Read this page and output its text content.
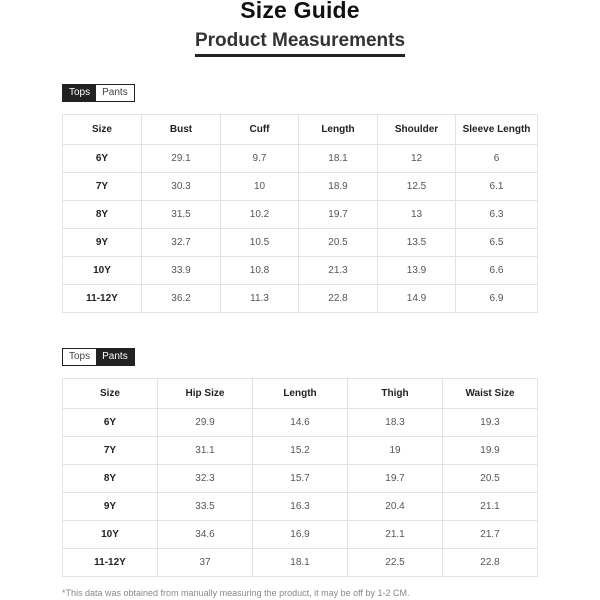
Size Guide
Product Measurements
Tops	Pants
Size	Bust	Cuff	Length	Shoulder	Sleeve Length
6Y	29.1	9.7	18.1	12	6
7Y	30.3	10	18.9	12.5	6.1
8Y	31.5	10.2	19.7	13	6.3
9Y	32.7	10.5	20.5	13.5	6.5
10Y	33.9	10.8	21.3	13.9	6.6
11-12Y	36.2	11.3	22.8	14.9	6.9
Tops	Pants
Size	Hip Size	Length	Thigh	Waist Size
6Y	29.9	14.6	18.3	19.3
7Y	31.1	15.2	19	19.9
8Y	32.3	15.7	19.7	20.5
9Y	33.5	16.3	20.4	21.1
10Y	34.6	16.9	21.1	21.7
11-12Y	37	18.1	22.5	22.8
*This data was obtained from manually measuring the product, it may be off by 1-2 CM.
